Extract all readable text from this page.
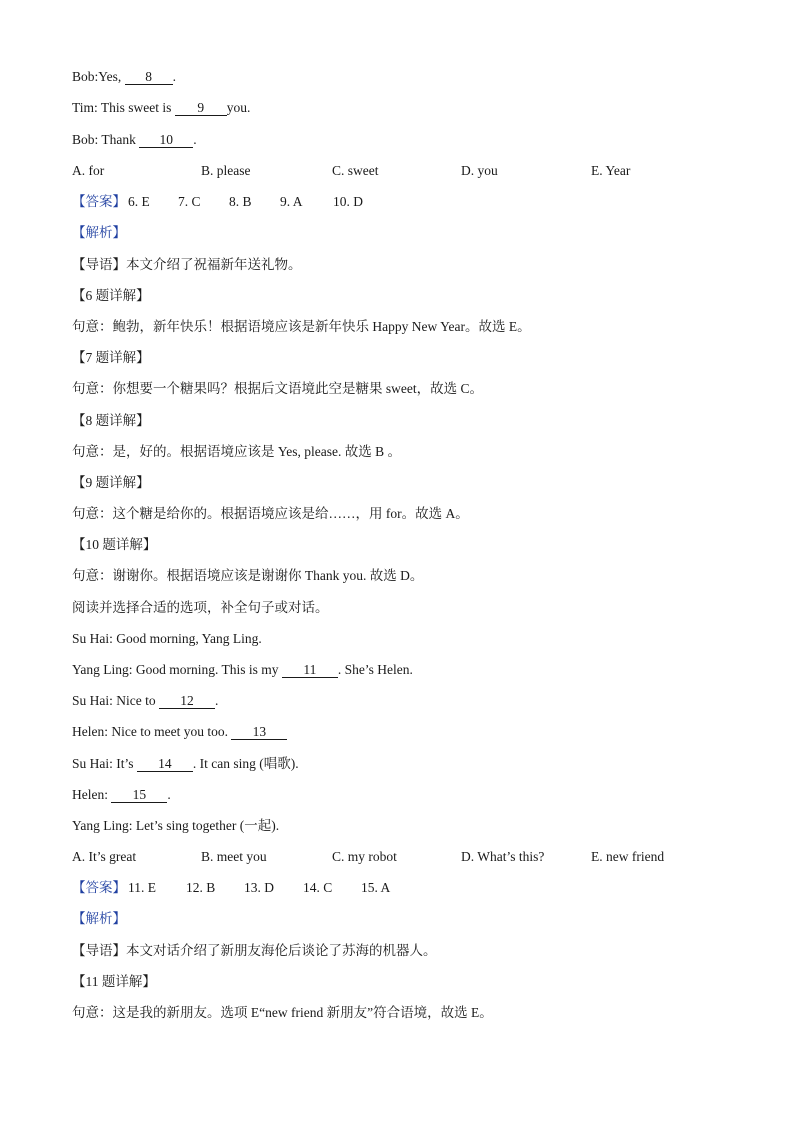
Bob:Yes, 8 .
Tim: This sweet is 9 you.
Bob: Thank 10 .
A. for	B. please	C. sweet	D. you	E. Year
【答案】 6. E 7. C 8. B 9. A 10. D
【解析】
【导语】本文介绍了祝福新年送礼物。
【6 题详解】
句意：鲍勃，新年快乐！根据语境应该是新年快乐 Happy New Year。故选 E。
【7 题详解】
句意：你想要一个糖果吗？根据后文语境此空是糖果 sweet，故选 C。
【8 题详解】
句意：是，好的。根据语境应该是 Yes, please. 故选 B 。
【9 题详解】
句意：这个糖是给你的。根据语境应该是给……，用 for。故选 A。
【10 题详解】
句意：谢谢你。根据语境应该是谢谢你 Thank you. 故选 D。
阅读并选择合适的选项，补全句子或对话。
Su Hai: Good morning, Yang Ling.
Yang Ling: Good morning. This is my 11 . She’s Helen.
Su Hai: Nice to 12 .
Helen: Nice to meet you too. 13
Su Hai: It’s 14 . It can sing (唱歌).
Helen: 15 .
Yang Ling: Let’s sing together (一起).
A. It’s great	B. meet you	C. my robot	D. What’s this?	E. new friend
【答案】 11. E 12. B 13. D 14. C 15. A
【解析】
【导语】本文对话介绍了新朋友海伦后谈论了苏海的机器人。
【11 题详解】
句意：这是我的新朋友。选项 E“new friend 新朋友”符合语境，故选 E。
